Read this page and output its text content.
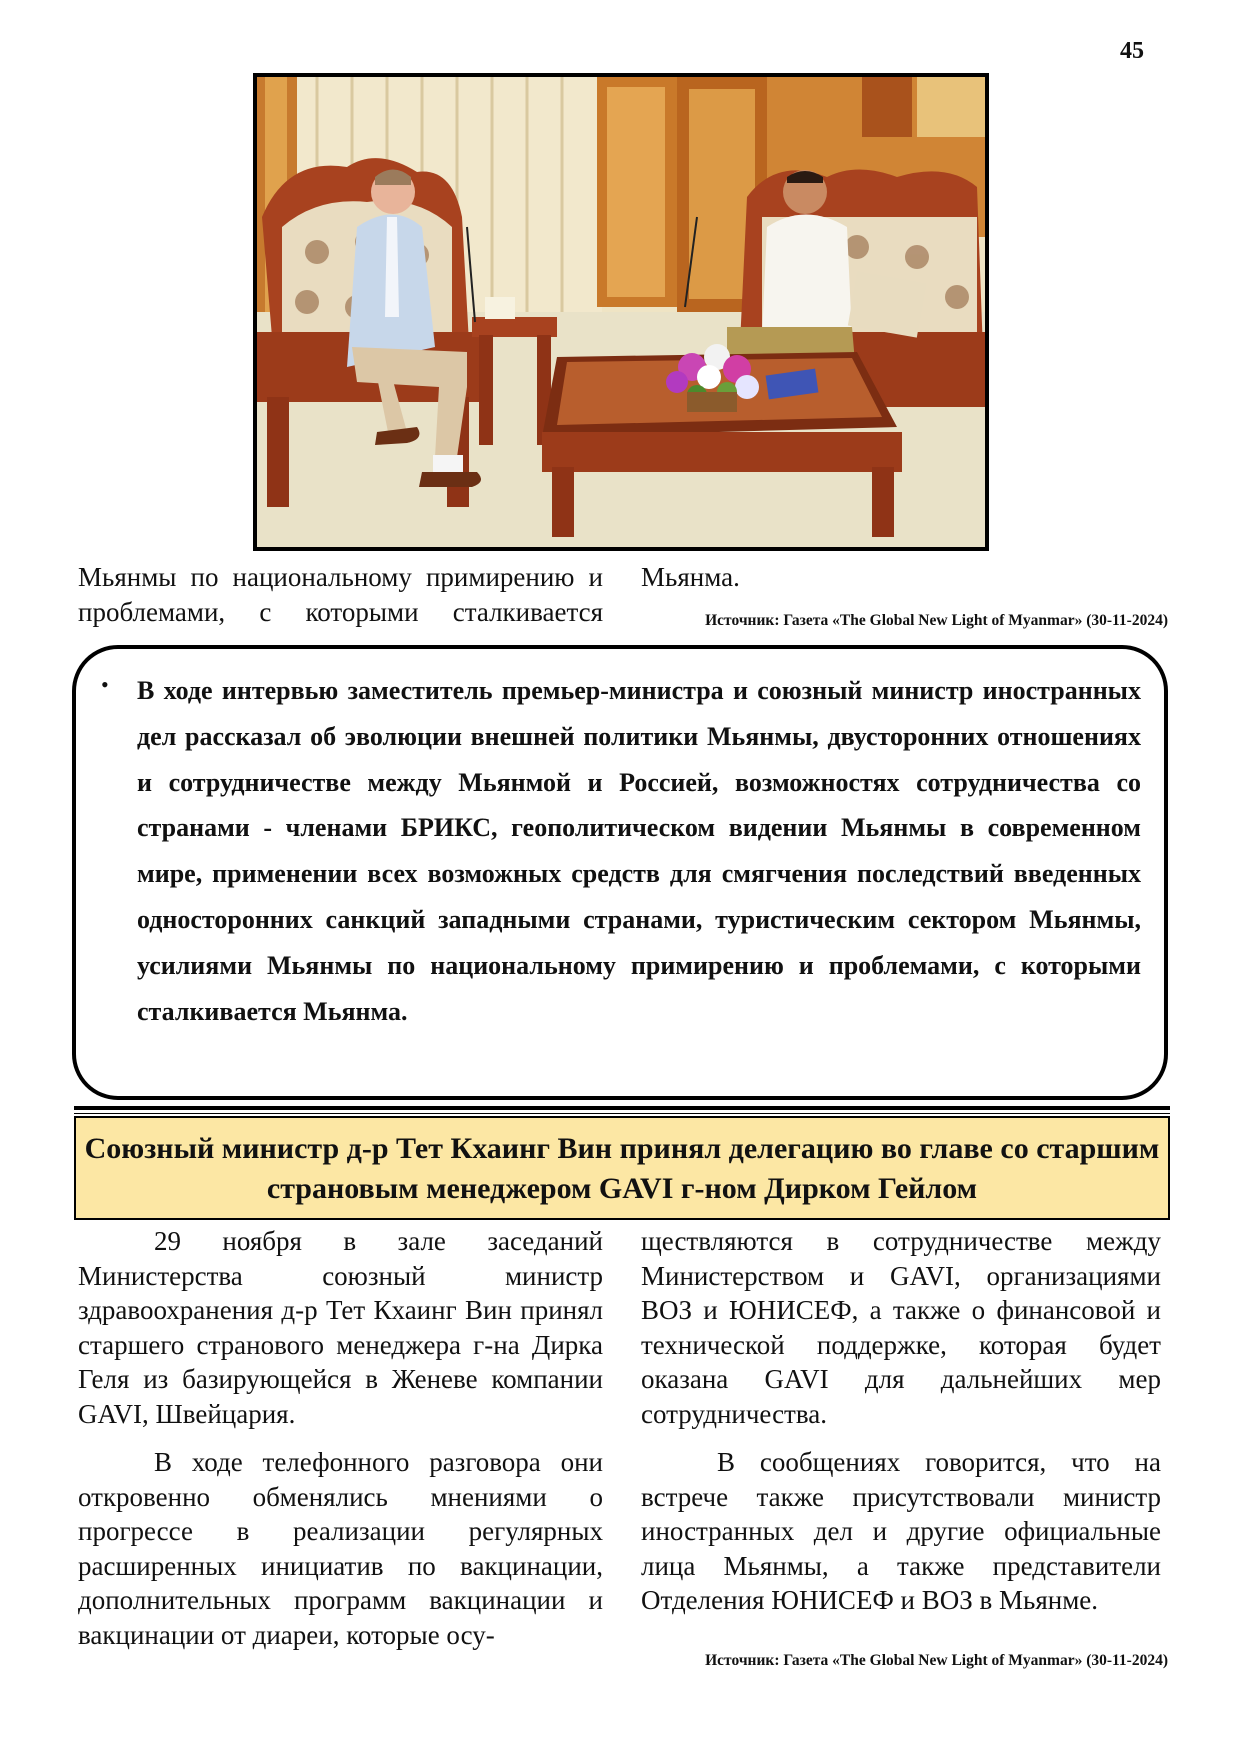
45
Мьянмы по национальному примирению и проблемами, с которыми сталкивается
Мьянма.
Источник: Газета «The Global New Light of Myanmar» (30-11-2024)
• В ходе интервью заместитель премьер-министра и союзный министр иностранных дел рассказал об эволюции внешней политики Мьянмы, двусторонних отношениях и сотрудничестве между Мьянмой и Россией, возможностях сотрудничества со странами - членами БРИКС, геополитическом видении Мьянмы в современном мире, применении всех возможных средств для смягчения последствий введенных односторонних санкций западными странами, туристическим сектором Мьянмы, усилиями Мьянмы по национальному примирению и проблемами, с которыми сталкивается Мьянма.
Союзный министр д-р Тет Кхаинг Вин принял делегацию во главе со старшим страновым менеджером GAVI г-ном Дирком Гейлом

29 ноября в зале заседаний Министерства союзный министр здравоохранения д-р Тет Кхаинг Вин принял старшего странового менеджера г-на Дирка Геля из базирующейся в Женеве компании GAVI, Швейцария.

В ходе телефонного разговора они откровенно обменялись мнениями о прогрессе в реализации регулярных расширенных инициатив по вакцинации, дополнительных программ вакцинации и вакцинации от диареи, которые осу-

ществляются в сотрудничестве между Министерством и GAVI, организациями ВОЗ и ЮНИСЕФ, а также о финансовой и технической поддержке, которая будет оказана GAVI для дальнейших мер сотрудничества.

В сообщениях говорится, что на встрече также присутствовали министр иностранных дел и другие официальные лица Мьянмы, а также представители Отделения ЮНИСЕФ и ВОЗ в Мьянме.

Источник: Газета «The Global New Light of Myanmar» (30-11-2024)
